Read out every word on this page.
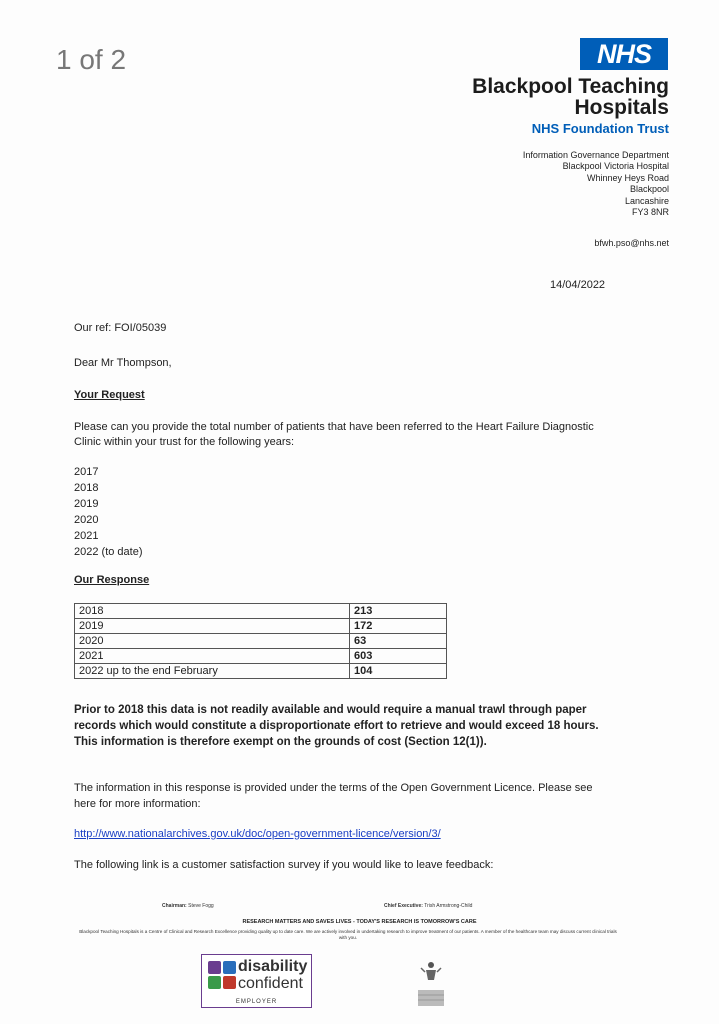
1 of 2	NHS
Blackpool Teaching
Hospitals
NHS Foundation Trust
Information Governance Department
Blackpool Victoria Hospital
Whinney Heys Road
Blackpool
Lancashire
FY3 8NR
bfwh.pso@nhs.net
14/04/2022
Our ref: FOI/05039
Dear Mr Thompson,
Your Request
Please can you provide the total number of patients that have been referred to the Heart Failure Diagnostic Clinic within your trust for the following years:
2017
2018
2019
2020
2021
2022 (to date)
Our Response
2018	213
2019	172
2020	63
2021	603
2022 up to the end February	104
Prior to 2018 this data is not readily available and would require a manual trawl through paper records which would constitute a disproportionate effort to retrieve and would exceed 18 hours. This information is therefore exempt on the grounds of cost (Section 12(1)).
The information in this response is provided under the terms of the Open Government Licence. Please see here for more information:
http://www.nationalarchives.gov.uk/doc/open-government-licence/version/3/
The following link is a customer satisfaction survey if you would like to leave feedback:
Chairman: Steve Fogg	Chief Executive: Trish Armstrong-Child
RESEARCH MATTERS AND SAVES LIVES - TODAY'S RESEARCH IS TOMORROW'S CARE
Blackpool Teaching Hospitals is a Centre of Clinical and Research Excellence providing quality up to date care. We are actively involved in undertaking research to improve treatment of our patients. A member of the healthcare team may discuss current clinical trials with you.
disability
confident
EMPLOYER
